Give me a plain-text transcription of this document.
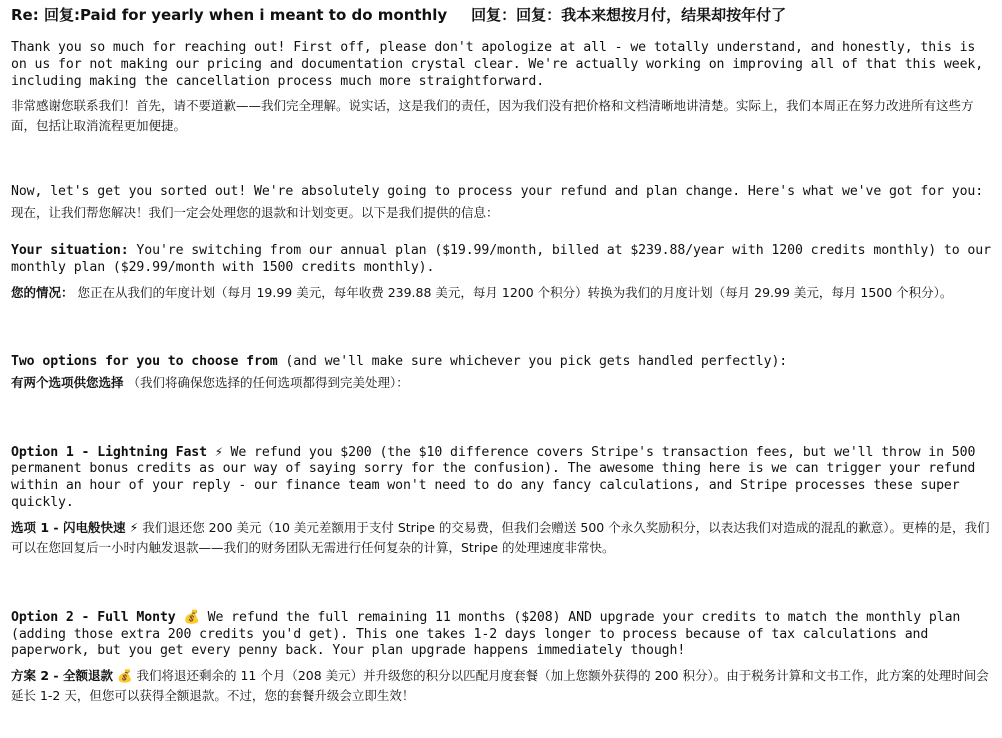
Re: 回复:Paid for yearly when i meant to do monthly 回复：回复：我本来想按月付，结果却按年付了

Thank you so much for reaching out! First off, please don't apologize at all - we totally understand, and honestly, this is on us for not making our pricing and documentation crystal clear. We're actually working on improving all of that this week, including making the cancellation process much more straightforward.

非常感谢您联系我们！首先，请不要道歉——我们完全理解。说实话，这是我们的责任，因为我们没有把价格和文档清晰地讲清楚。实际上，我们本周正在努力改进所有这些方面，包括让取消流程更加便捷。

Now, let's get you sorted out! We're absolutely going to process your refund and plan change. Here's what we've got for you:

现在，让我们帮您解决！我们一定会处理您的退款和计划变更。以下是我们提供的信息：

Your situation: You're switching from our annual plan ($19.99/month, billed at $239.88/year with 1200 credits monthly) to our monthly plan ($29.99/month with 1500 credits monthly).

您的情况： 您正在从我们的年度计划（每月 19.99 美元，每年收费 239.88 美元，每月 1200 个积分）转换为我们的月度计划（每月 29.99 美元，每月 1500 个积分）。

Two options for you to choose from (and we'll make sure whichever you pick gets handled perfectly):

有两个选项供您选择 （我们将确保您选择的任何选项都得到完美处理）：

Option 1 - Lightning Fast ⚡ We refund you $200 (the $10 difference covers Stripe's transaction fees, but we'll throw in 500 permanent bonus credits as our way of saying sorry for the confusion). The awesome thing here is we can trigger your refund within an hour of your reply - our finance team won't need to do any fancy calculations, and Stripe processes these super quickly.

选项 1 - 闪电般快速 ⚡ 我们退还您 200 美元（10 美元差额用于支付 Stripe 的交易费，但我们会赠送 500 个永久奖励积分，以表达我们对造成的混乱的歉意）。更棒的是，我们可以在您回复后一小时内触发退款——我们的财务团队无需进行任何复杂的计算，Stripe 的处理速度非常快。

Option 2 - Full Monty 💰 We refund the full remaining 11 months ($208) AND upgrade your credits to match the monthly plan (adding those extra 200 credits you'd get). This one takes 1-2 days longer to process because of tax calculations and paperwork, but you get every penny back. Your plan upgrade happens immediately though!

方案 2 - 全额退款 💰 我们将退还剩余的 11 个月（208 美元）并升级您的积分以匹配月度套餐（加上您额外获得的 200 积分）。由于税务计算和文书工作，此方案的处理时间会延长 1-2 天，但您可以获得全额退款。不过，您的套餐升级会立即生效！
